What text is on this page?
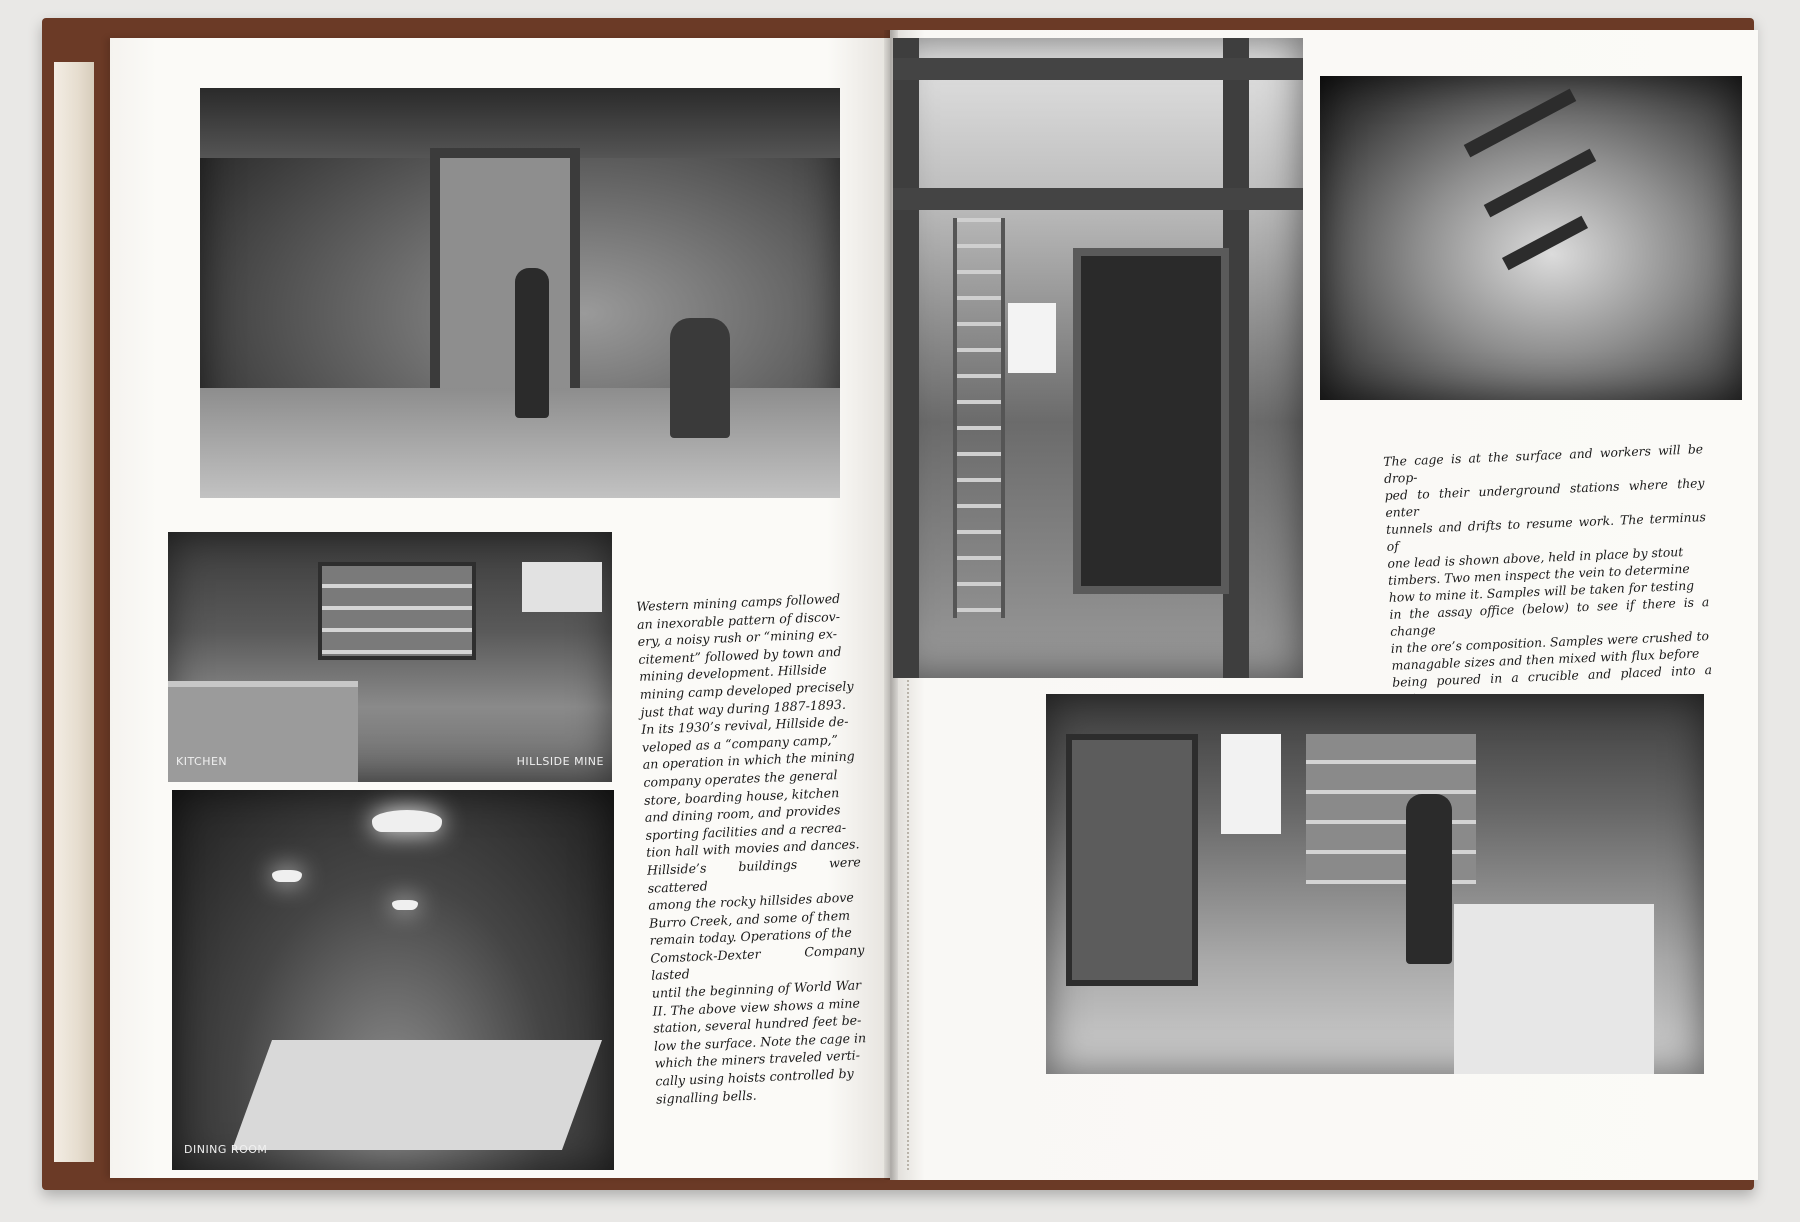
KITCHEN	HILLSIDE MINE
DINING ROOM
Western mining camps followed
an inexorable pattern of discov-
ery, a noisy rush or “mining ex-
citement” followed by town and
mining development. Hillside
mining camp developed precisely
just that way during 1887-1893.
In its 1930’s revival, Hillside de-
veloped as a “company camp,”
an operation in which the mining
company operates the general
store, boarding house, kitchen
and dining room, and provides
sporting facilities and a recrea-
tion hall with movies and dances.
Hillside’s buildings were scattered
among the rocky hillsides above
Burro Creek, and some of them
remain today. Operations of the
Comstock-Dexter Company lasted
until the beginning of World War
II. The above view shows a mine
station, several hundred feet be-
low the surface. Note the cage in
which the miners traveled verti-
cally using hoists controlled by
signalling bells.
The cage is at the surface and workers will be drop-
ped to their underground stations where they enter
tunnels and drifts to resume work. The terminus of
one lead is shown above, held in place by stout
timbers. Two men inspect the vein to determine
how to mine it. Samples will be taken for testing
in the assay office (below) to see if there is a change
in the ore’s composition. Samples were crushed to
managable sizes and then mixed with flux before
being poured in a crucible and placed into a
